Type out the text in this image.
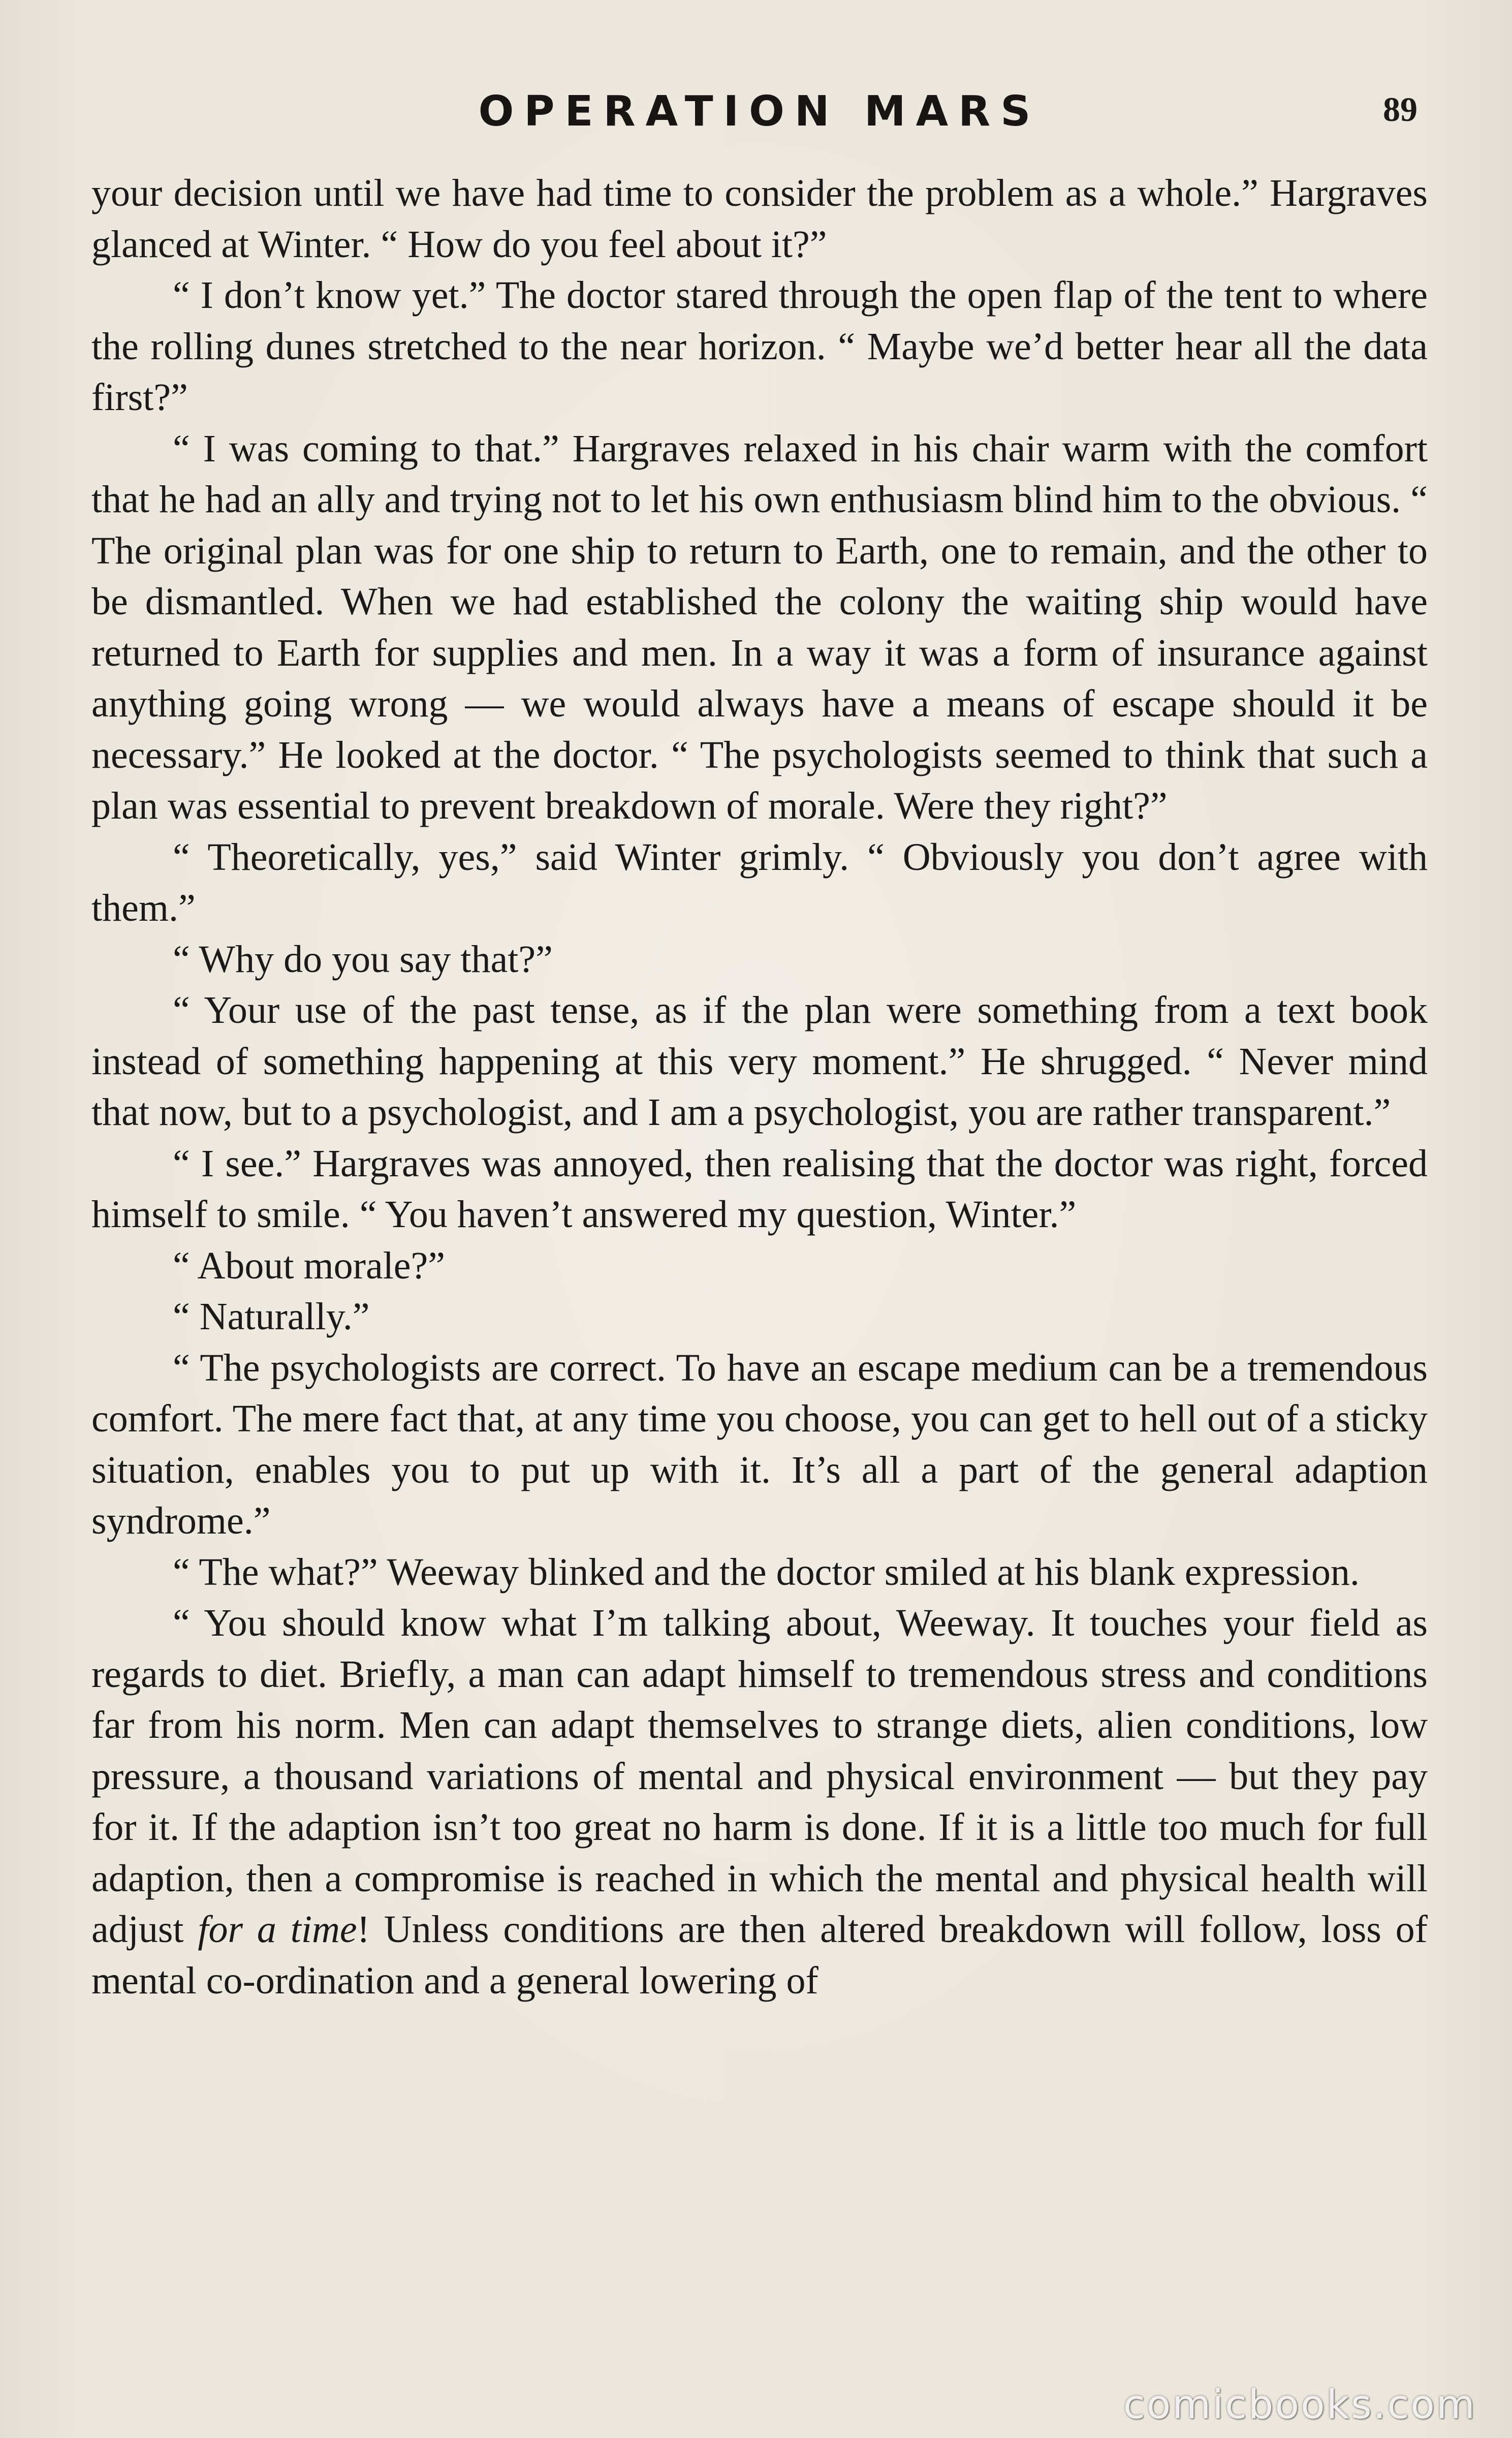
OPERATION MARS	89

your decision until we have had time to consider the problem as a whole.” Hargraves glanced at Winter. “ How do you feel about it?”

“ I don’t know yet.” The doctor stared through the open flap of the tent to where the rolling dunes stretched to the near horizon. “ Maybe we’d better hear all the data first?”

“ I was coming to that.” Hargraves relaxed in his chair warm with the comfort that he had an ally and trying not to let his own enthusiasm blind him to the obvious. “ The original plan was for one ship to return to Earth, one to remain, and the other to be dismantled. When we had established the colony the waiting ship would have returned to Earth for supplies and men. In a way it was a form of insurance against anything going wrong — we would always have a means of escape should it be necessary.” He looked at the doctor. “ The psychologists seemed to think that such a plan was essential to prevent breakdown of morale. Were they right?”

“ Theoretically, yes,” said Winter grimly. “ Obviously you don’t agree with them.”

“ Why do you say that?”

“ Your use of the past tense, as if the plan were something from a text book instead of something happening at this very moment.” He shrugged. “ Never mind that now, but to a psychologist, and I am a psychologist, you are rather transparent.”

“ I see.” Hargraves was annoyed, then realising that the doctor was right, forced himself to smile. “ You haven’t answered my question, Winter.”

“ About morale?”

“ Naturally.”

“ The psychologists are correct. To have an escape medium can be a tremendous comfort. The mere fact that, at any time you choose, you can get to hell out of a sticky situation, enables you to put up with it. It’s all a part of the general adaption syndrome.”

“ The what?” Weeway blinked and the doctor smiled at his blank expression.

“ You should know what I’m talking about, Weeway. It touches your field as regards to diet. Briefly, a man can adapt himself to tremendous stress and conditions far from his norm. Men can adapt themselves to strange diets, alien conditions, low pressure, a thousand variations of mental and physical environment — but they pay for it. If the adaption isn’t too great no harm is done. If it is a little too much for full adaption, then a compromise is reached in which the mental and physical health will adjust for a time! Unless conditions are then altered breakdown will follow, loss of mental co-ordination and a general lowering of

comicbooks.com
